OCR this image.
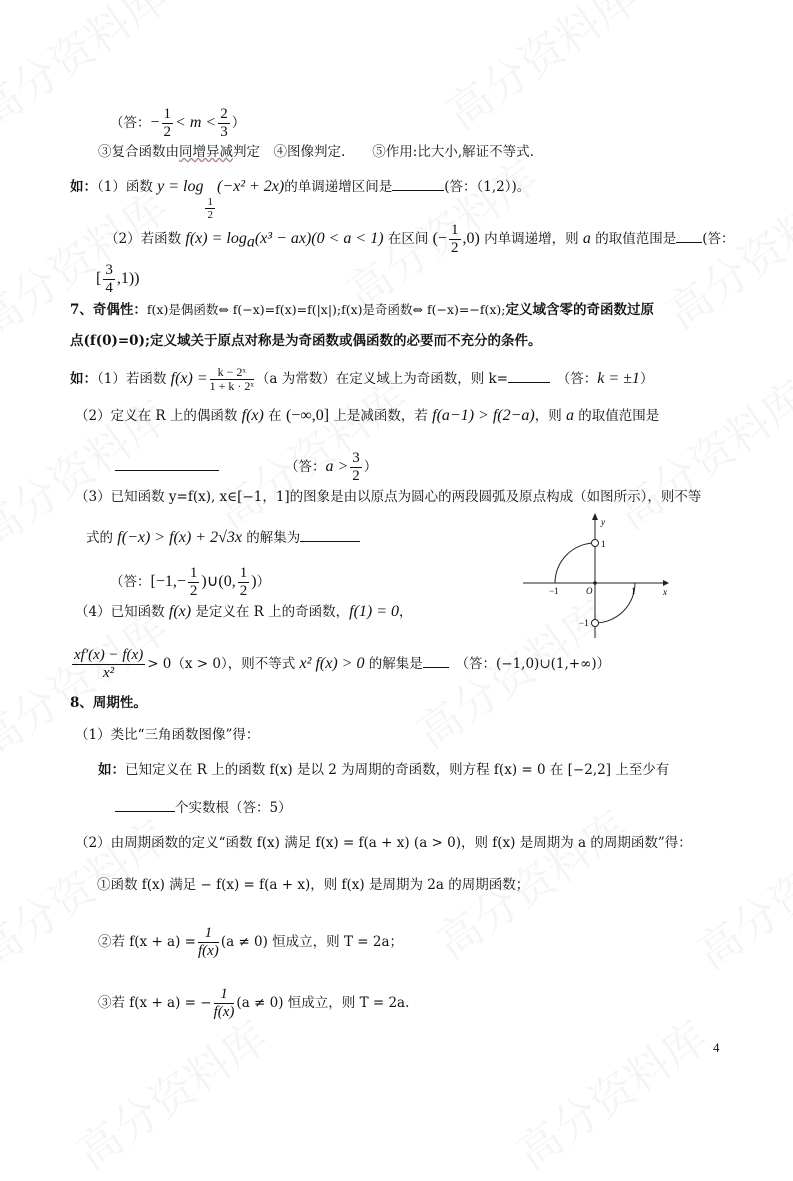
（答：− $\frac{1}{2} < m < \frac{2}{3}$ ）
③复合函数由同增异减判定　④图像判定.　　⑤作用:比大小,解证不等式.
如：（1）函数 y = log
$\frac{1}{2}$
(−x² + 2x)的单调递增区间是	(答：（1,2）)。
（2）若函数 $f(x) = \log_a(x^3 - ax)(0 < a < 1)$ 在区间 (− $\frac{1}{2} ,0$) 内单调递增，则 a 的取值范围是 (答：
[ $\frac{3}{4} ,1$))
7、奇偶性：f(x)是偶函数⇔ f(−x)=f(x)=f(|x|);f(x)是奇函数⇔ f(−x)=−f(x);定义域含零的奇函数过原
点(f(0)=0);定义域关于原点对称是为奇函数或偶函数的必要而不充分的条件。
如：（1）若函数 $f(x) = \frac{\text{k − 2ˣ}}{\text{1 + k · 2ˣ}} (a$ 为常数）在定义域上为奇函数，则 k=　	（答：k = ±1）
（2）定义在 R 上的偶函数 f(x) 在 (−∞,0] 上是减函数，若 f(a−1) > f(2−a)，则 a 的取值范围是
（答：$a > \frac{3}{2}$ ）
（3）已知函数 y=f(x), x∈[−1，1]的图象是由以原点为圆心的两段圆弧及原点构成（如图所示），则不等
式的 f(−x) > f(x) + 2√3x 的解集为
（答：[$-1,- \frac{1}{2}$ )∪(0, $\frac{1}{2}$ )）
y
x
−1	1
O
1
−1
（4）已知函数 f(x) 是定义在 R 上的奇函数，f(1) = 0，
$\frac{xf'(x) - f(x)}{\text{x²}} > 0(x > 0)$，则不等式 x² f(x) > 0 的解集是　	（答：(−1,0)∪(1,+∞)）
8、周期性。
（1）类比“三角函数图像”得：
如：已知定义在 R 上的函数 f(x) 是以 2 为周期的奇函数，则方程 f(x) = 0 在 [−2,2] 上至少有
个实数根（答：5）
（2）由周期函数的定义“函数 f(x) 满足 f(x) = f(a + x) (a > 0)，则 f(x) 是周期为 a 的周期函数”得：
①函数 f(x) 满足 − f(x) = f(a + x)，则 f(x) 是周期为 2a 的周期函数；
②若 $f(x + a) = \frac{1}{f(x)} (a \ne 0)$ 恒成立，则 T = 2a；
③若 f(x + a) = − $\frac{1}{f(x)} (a \ne 0)$ 恒成立，则 T = 2a.
4
